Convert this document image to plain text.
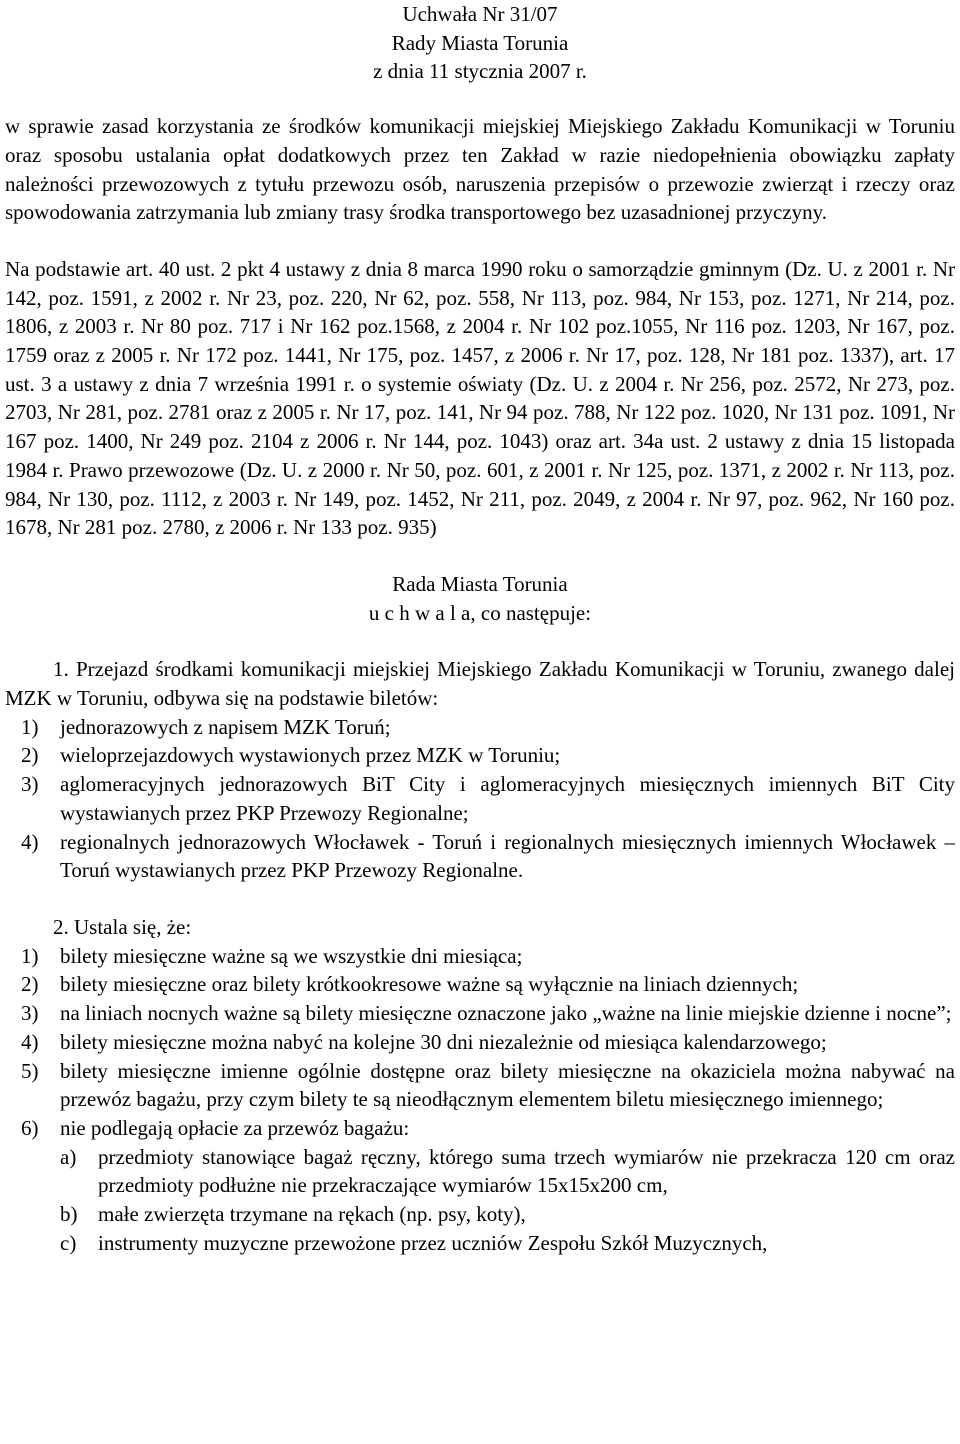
Uchwała Nr 31/07
Rady Miasta Torunia
z dnia 11 stycznia 2007 r.

w sprawie zasad korzystania ze środków komunikacji miejskiej Miejskiego Zakładu Komunikacji w Toruniu oraz sposobu ustalania opłat dodatkowych przez ten Zakład w razie niedopełnienia obowiązku zapłaty należności przewozowych z tytułu przewozu osób, naruszenia przepisów o przewozie zwierząt i rzeczy oraz spowodowania zatrzymania lub zmiany trasy środka transportowego bez uzasadnionej przyczyny.

Na podstawie art. 40 ust. 2 pkt 4 ustawy z dnia 8 marca 1990 roku o samorządzie gminnym (Dz. U. z 2001 r. Nr 142, poz. 1591, z 2002 r. Nr 23, poz. 220, Nr 62, poz. 558, Nr 113, poz. 984, Nr 153, poz. 1271, Nr 214, poz. 1806, z 2003 r. Nr 80 poz. 717 i Nr 162 poz.1568, z 2004 r. Nr 102 poz.1055, Nr 116 poz. 1203, Nr 167, poz. 1759 oraz z 2005 r. Nr 172 poz. 1441, Nr 175, poz. 1457, z 2006 r. Nr 17, poz. 128, Nr 181 poz. 1337), art. 17 ust. 3 a ustawy z dnia 7 września 1991 r. o systemie oświaty (Dz. U. z 2004 r. Nr 256, poz. 2572, Nr 273, poz. 2703, Nr 281, poz. 2781 oraz z 2005 r. Nr 17, poz. 141, Nr 94 poz. 788, Nr 122 poz. 1020, Nr 131 poz. 1091, Nr 167 poz. 1400, Nr 249 poz. 2104 z 2006 r. Nr 144, poz. 1043) oraz art. 34a ust. 2 ustawy z dnia 15 listopada 1984 r. Prawo przewozowe (Dz. U. z 2000 r. Nr 50, poz. 601, z 2001 r. Nr 125, poz. 1371, z 2002 r. Nr 113, poz. 984, Nr 130, poz. 1112, z 2003 r. Nr 149, poz. 1452, Nr 211, poz. 2049, z 2004 r. Nr 97, poz. 962, Nr 160 poz. 1678, Nr 281 poz. 2780, z 2006 r. Nr 133 poz. 935)

Rada Miasta Torunia
u c h w a l a, co następuje:
1. Przejazd środkami komunikacji miejskiej Miejskiego Zakładu Komunikacji w Toruniu, zwanego dalej MZK w Toruniu, odbywa się na podstawie biletów:
1) jednorazowych z napisem MZK Toruń;
2) wieloprzejazdowych wystawionych przez MZK w Toruniu;
3) aglomeracyjnych jednorazowych BiT City i aglomeracyjnych miesięcznych imiennych BiT City wystawianych przez PKP Przewozy Regionalne;
4) regionalnych jednorazowych Włocławek - Toruń i regionalnych miesięcznych imiennych Włocławek – Toruń wystawianych przez PKP Przewozy Regionalne.
2. Ustala się, że:
1) bilety miesięczne ważne są we wszystkie dni miesiąca;
2) bilety miesięczne oraz bilety krótkookresowe ważne są wyłącznie na liniach dziennych;
3) na liniach nocnych ważne są bilety miesięczne oznaczone jako „ważne na linie miejskie dzienne i nocne”;
4) bilety miesięczne można nabyć na kolejne 30 dni niezależnie od miesiąca kalendarzowego;
5) bilety miesięczne imienne ogólnie dostępne oraz bilety miesięczne na okaziciela można nabywać na przewóz bagażu, przy czym bilety te są nieodłącznym elementem biletu miesięcznego imiennego;
6) nie podlegają opłacie za przewóz bagażu:
a) przedmioty stanowiące bagaż ręczny, którego suma trzech wymiarów nie przekracza 120 cm oraz przedmioty podłużne nie przekraczające wymiarów 15x15x200 cm,
b) małe zwierzęta trzymane na rękach (np. psy, koty),
c) instrumenty muzyczne przewożone przez uczniów Zespołu Szkół Muzycznych,
